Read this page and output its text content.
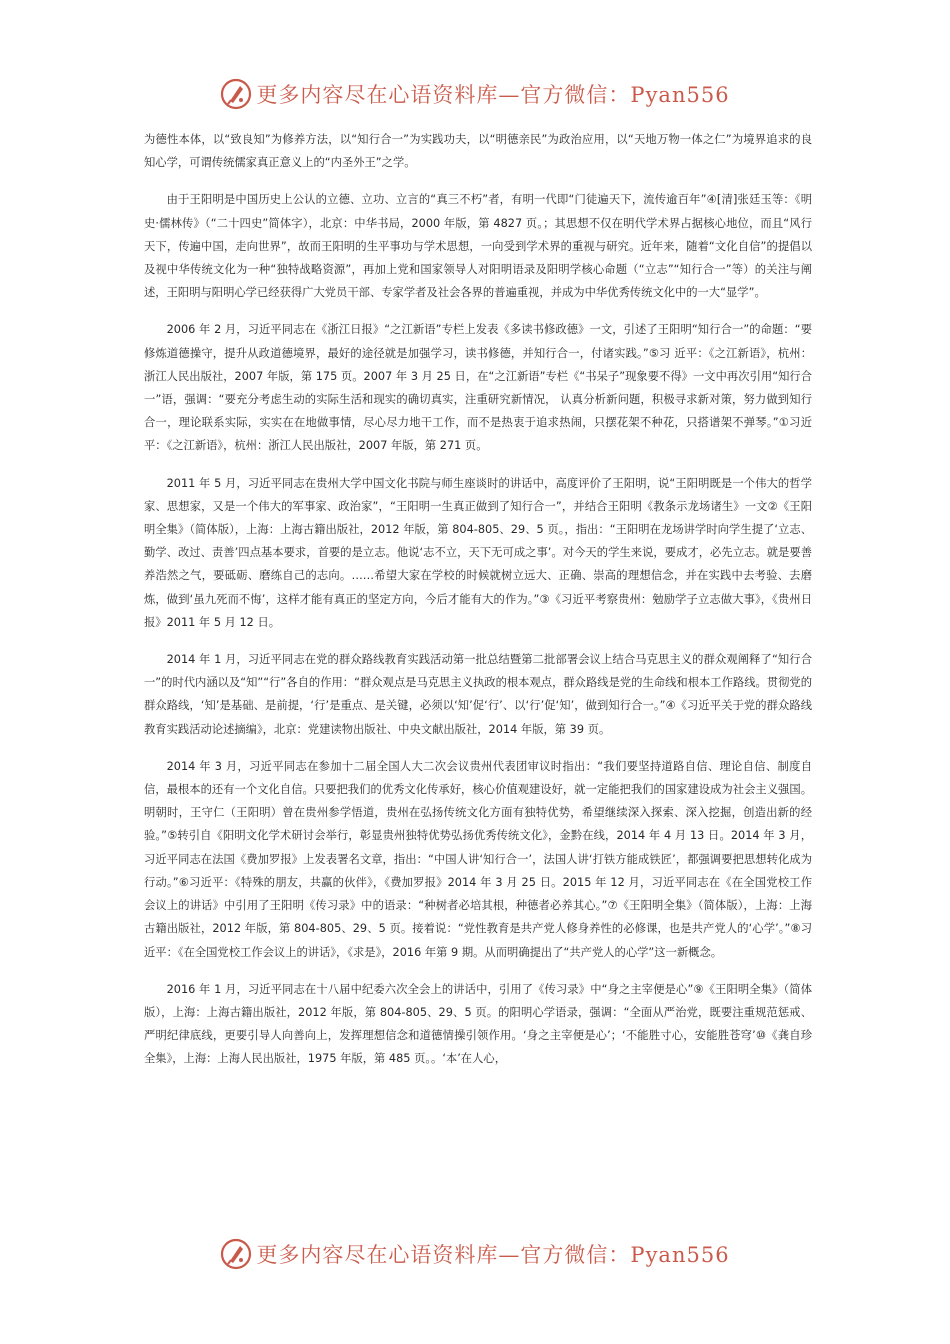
更多内容尽在心语资料库—官方微信：Pyan556

为德性本体，以“致良知”为修养方法，以“知行合一”为实践功夫，以“明德亲民”为政治应用，以“天地万物一体之仁”为境界追求的良知心学，可谓传统儒家真正意义上的“内圣外王”之学。

由于王阳明是中国历史上公认的立德、立功、立言的“真三不朽”者，有明一代即“门徒遍天下，流传逾百年”④[清]张廷玉等：《明史·儒林传》（“二十四史”简体字），北京：中华书局，2000 年版，第 4827 页。；其思想不仅在明代学术界占据核心地位，而且“风行天下，传遍中国，走向世界”，故而王阳明的生平事功与学术思想，一向受到学术界的重视与研究。近年来，随着“文化自信”的提倡以及视中华传统文化为一种“独特战略资源”，再加上党和国家领导人对阳明语录及阳明学核心命题（“立志”“知行合一”等）的关注与阐述，王阳明与阳明心学已经获得广大党员干部、专家学者及社会各界的普遍重视，并成为中华优秀传统文化中的一大“显学”。

2006 年 2 月，习近平同志在《浙江日报》“之江新语”专栏上发表《多读书修政德》一文，引述了王阳明“知行合一”的命题：“要修炼道德操守，提升从政道德境界，最好的途径就是加强学习，读书修德，并知行合一，付诸实践。”⑤习 近平：《之江新语》，杭州：浙江人民出版社，2007 年版，第 175 页。2007 年 3 月 25 日，在“之江新语”专栏《“书呆子”现象要不得》一文中再次引用“知行合一”语，强调：“要充分考虑生动的实际生活和现实的确切真实，注重研究新情况， 认真分析新问题，积极寻求新对策，努力做到知行合一，理论联系实际，实实在在地做事情，尽心尽力地干工作，而不是热衷于追求热闹，只摆花架不种花，只搭谱架不弹琴。”①习近平：《之江新语》，杭州：浙江人民出版社，2007 年版，第 271 页。

2011 年 5 月，习近平同志在贵州大学中国文化书院与师生座谈时的讲话中，高度评价了王阳明，说“王阳明既是一个伟大的哲学家、思想家，又是一个伟大的军事家、政治家”，“王阳明一生真正做到了知行合一”，并结合王阳明《教条示龙场诸生》一文②《王阳明全集》（简体版），上海：上海古籍出版社，2012 年版，第 804-805、29、5 页。，指出：“王阳明在龙场讲学时向学生提了‘立志、勤学、改过、责善’四点基本要求，首要的是立志。他说‘志不立，天下无可成之事’。对今天的学生来说，要成才，必先立志。就是要善养浩然之气，要砥砺、磨练自己的志向。……希望大家在学校的时候就树立远大、正确、崇高的理想信念，并在实践中去考验、去磨炼，做到‘虽九死而不悔’，这样才能有真正的坚定方向，今后才能有大的作为。”③《习近平考察贵州：勉励学子立志做大事》，《贵州日报》2011 年 5 月 12 日。

2014 年 1 月，习近平同志在党的群众路线教育实践活动第一批总结暨第二批部署会议上结合马克思主义的群众观阐释了“知行合一”的时代内涵以及“知”“行”各自的作用：“群众观点是马克思主义执政的根本观点，群众路线是党的生命线和根本工作路线。贯彻党的群众路线，‘知’是基础、是前提，‘行’是重点、是关键，必须以‘知’促‘行’、以‘行’促‘知’，做到知行合一。”④《习近平关于党的群众路线教育实践活动论述摘编》，北京：党建读物出版社、中央文献出版社，2014 年版，第 39 页。

2014 年 3 月，习近平同志在参加十二届全国人大二次会议贵州代表团审议时指出：“我们要坚持道路自信、理论自信、制度自信，最根本的还有一个文化自信。只要把我们的优秀文化传承好，核心价值观建设好，就一定能把我们的国家建设成为社会主义强国。明朝时，王守仁（王阳明）曾在贵州参学悟道，贵州在弘扬传统文化方面有独特优势，希望继续深入探索、深入挖掘，创造出新的经验。”⑤转引自《阳明文化学术研讨会举行，彰显贵州独特优势弘扬优秀传统文化》，金黔在线，2014 年 4 月 13 日。2014 年 3 月，习近平同志在法国《费加罗报》上发表署名文章，指出：“中国人讲‘知行合一’，法国人讲‘打铁方能成铁匠’，都强调要把思想转化成为行动。”⑥习近平：《特殊的朋友，共赢的伙伴》，《费加罗报》2014 年 3 月 25 日。2015 年 12 月，习近平同志在《在全国党校工作会议上的讲话》中引用了王阳明《传习录》中的语录：“种树者必培其根，种德者必养其心。”⑦《王阳明全集》（简体版），上海：上海古籍出版社，2012 年版，第 804-805、29、5 页。接着说：“党性教育是共产党人修身养性的必修课，也是共产党人的‘心学’。”⑧习近平：《在全国党校工作会议上的讲话》，《求是》，2016 年第 9 期。从而明确提出了“共产党人的心学”这一新概念。

2016 年 1 月，习近平同志在十八届中纪委六次全会上的讲话中，引用了《传习录》中“身之主宰便是心”⑨《王阳明全集》（简体版），上海：上海古籍出版社，2012 年版，第 804-805、29、5 页。的阳明心学语录，强调：“全面从严治党，既要注重规范惩戒、严明纪律底线，更要引导人向善向上，发挥理想信念和道德情操引领作用。‘身之主宰便是心’；‘不能胜寸心，安能胜苍穹’⑩《龚自珍全集》，上海：上海人民出版社，1975 年版，第 485 页。。‘本’在人心，

更多内容尽在心语资料库—官方微信：Pyan556
